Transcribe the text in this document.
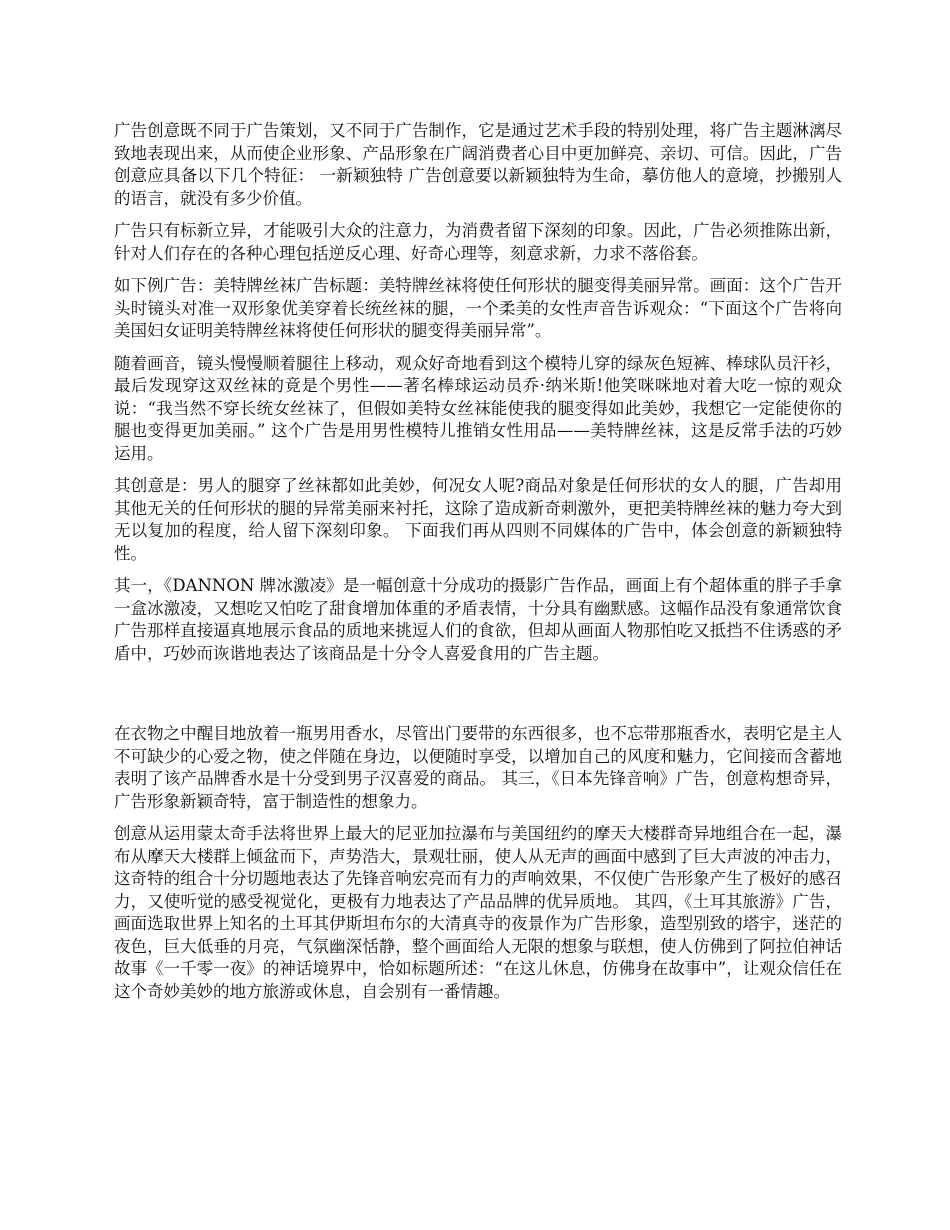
广告创意既不同于广告策划，又不同于广告制作，它是通过艺术手段的特别处理，将广告主题淋漓尽致地表现出来，从而使企业形象、产品形象在广阔消费者心目中更加鲜亮、亲切、可信。因此，广告创意应具备以下几个特征： 一新颖独特 广告创意要以新颖独特为生命，摹仿他人的意境，抄搬别人的语言，就没有多少价值。

广告只有标新立异，才能吸引大众的注意力，为消费者留下深刻的印象。因此，广告必须推陈出新，针对人们存在的各种心理包括逆反心理、好奇心理等，刻意求新，力求不落俗套。

如下例广告：美特牌丝袜广告标题：美特牌丝袜将使任何形状的腿变得美丽异常。画面：这个广告开头时镜头对准一双形象优美穿着长统丝袜的腿，一个柔美的女性声音告诉观众：“下面这个广告将向美国妇女证明美特牌丝袜将使任何形状的腿变得美丽异常”。

随着画音，镜头慢慢顺着腿往上移动，观众好奇地看到这个模特儿穿的绿灰色短裤、棒球队员汗衫，最后发现穿这双丝袜的竟是个男性——著名棒球运动员乔·纳米斯!他笑咪咪地对着大吃一惊的观众说：“我当然不穿长统女丝袜了，但假如美特女丝袜能使我的腿变得如此美妙，我想它一定能使你的腿也变得更加美丽。” 这个广告是用男性模特儿推销女性用品——美特牌丝袜，这是反常手法的巧妙运用。

其创意是：男人的腿穿了丝袜都如此美妙，何况女人呢?商品对象是任何形状的女人的腿，广告却用其他无关的任何形状的腿的异常美丽来衬托，这除了造成新奇刺激外，更把美特牌丝袜的魅力夸大到无以复加的程度，给人留下深刻印象。 下面我们再从四则不同媒体的广告中，体会创意的新颖独特性。

其一，《DANNON 牌冰激凌》是一幅创意十分成功的摄影广告作品，画面上有个超体重的胖子手拿一盒冰激凌，又想吃又怕吃了甜食增加体重的矛盾表情，十分具有幽默感。这幅作品没有象通常饮食广告那样直接逼真地展示食品的质地来挑逗人们的食欲，但却从画面人物那怕吃又抵挡不住诱惑的矛盾中，巧妙而诙谐地表达了该商品是十分令人喜爱食用的广告主题。

在衣物之中醒目地放着一瓶男用香水，尽管出门要带的东西很多，也不忘带那瓶香水，表明它是主人不可缺少的心爱之物，使之伴随在身边，以便随时享受，以增加自己的风度和魅力，它间接而含蓄地表明了该产品牌香水是十分受到男子汉喜爱的商品。 其三，《日本先锋音响》广告，创意构想奇异，广告形象新颖奇特，富于制造性的想象力。

创意从运用蒙太奇手法将世界上最大的尼亚加拉瀑布与美国纽约的摩天大楼群奇异地组合在一起，瀑布从摩天大楼群上倾盆而下，声势浩大，景观壮丽，使人从无声的画面中感到了巨大声波的冲击力，这奇特的组合十分切题地表达了先锋音响宏亮而有力的声响效果，不仅使广告形象产生了极好的感召力，又使听觉的感受视觉化，更极有力地表达了产品品牌的优异质地。 其四，《土耳其旅游》广告，画面选取世界上知名的土耳其伊斯坦布尔的大清真寺的夜景作为广告形象，造型别致的塔宇，迷茫的夜色，巨大低垂的月亮，气氛幽深恬静，整个画面给人无限的想象与联想，使人仿佛到了阿拉伯神话故事《一千零一夜》的神话境界中，恰如标题所述：“在这儿休息，仿佛身在故事中”，让观众信任在这个奇妙美妙的地方旅游或休息，自会别有一番情趣。
